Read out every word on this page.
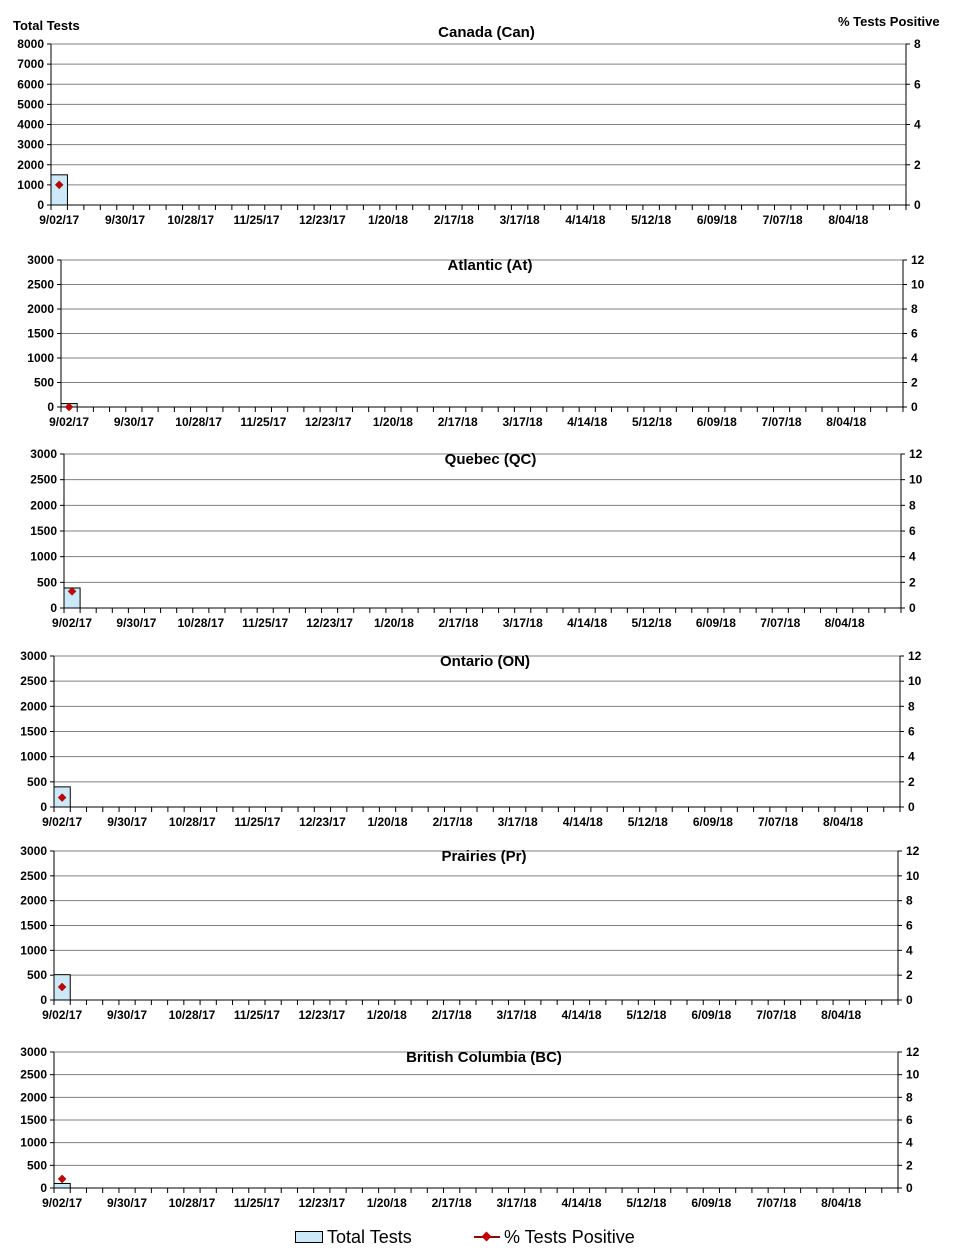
Total Tests	% Tests Positive
0
1000
2000
3000
4000
5000
6000
7000
8000
0
2
4
6
8
9/02/17 9/30/17 10/28/17 11/25/17 12/23/17 1/20/18 2/17/18 3/17/18 4/14/18 5/12/18 6/09/18 7/07/18 8/04/18
Canada (Can)
0
500
1000
1500
2000
2500
3000
0
2
4
6
8
10
12
9/02/17 9/30/17 10/28/17 11/25/17 12/23/17 1/20/18 2/17/18 3/17/18 4/14/18 5/12/18 6/09/18 7/07/18 8/04/18
Atlantic (At)
0
500
1000
1500
2000
2500
3000
0
2
4
6
8
10
12
9/02/17 9/30/17 10/28/17 11/25/17 12/23/17 1/20/18 2/17/18 3/17/18 4/14/18 5/12/18 6/09/18 7/07/18 8/04/18
Quebec (QC)
0
500
1000
1500
2000
2500
3000
0
2
4
6
8
10
12
9/02/17 9/30/17 10/28/17 11/25/17 12/23/17 1/20/18 2/17/18 3/17/18 4/14/18 5/12/18 6/09/18 7/07/18 8/04/18
Ontario (ON)
0
500
1000
1500
2000
2500
3000
0
2
4
6
8
10
12
9/02/17 9/30/17 10/28/17 11/25/17 12/23/17 1/20/18 2/17/18 3/17/18 4/14/18 5/12/18 6/09/18 7/07/18 8/04/18
Prairies (Pr)
0
500
1000
1500
2000
2500
3000
0
2
4
6
8
10
12
9/02/17 9/30/17 10/28/17 11/25/17 12/23/17 1/20/18 2/17/18 3/17/18 4/14/18 5/12/18 6/09/18 7/07/18 8/04/18
British Columbia (BC)
Total Tests	% Tests Positive
